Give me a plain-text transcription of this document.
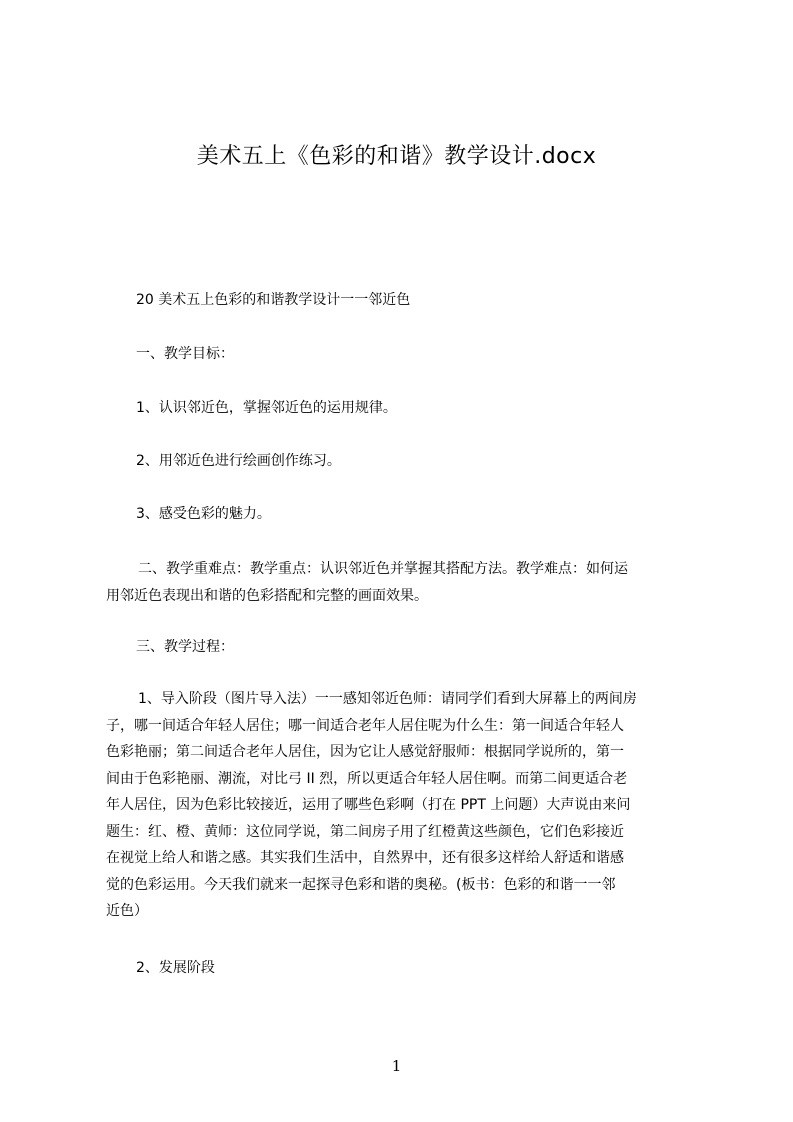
美术五上《色彩的和谐》教学设计.docx

20 美术五上色彩的和谐教学设计一一邻近色

一、教学目标：

1、认识邻近色，掌握邻近色的运用规律。

2、用邻近色进行绘画创作练习。

3、感受色彩的魅力。

二、教学重难点：教学重点：认识邻近色并掌握其搭配方法。教学难点：如何运
用邻近色表现出和谐的色彩搭配和完整的画面效果。

三、教学过程：

1、导入阶段（图片导入法）一一感知邻近色师：请同学们看到大屏幕上的两间房
子，哪一间适合年轻人居住；哪一间适合老年人居住呢为什么生：第一间适合年轻人
色彩艳丽；第二间适合老年人居住，因为它让人感觉舒服师：根据同学说所的，第一
间由于色彩艳丽、潮流，对比弓 II 烈，所以更适合年轻人居住啊。而第二间更适合老
年人居住，因为色彩比较接近，运用了哪些色彩啊（打在 PPT 上问题）大声说由来问
题生：红、橙、黄师：这位同学说，第二间房子用了红橙黄这些颜色，它们色彩接近
在视觉上给人和谐之感。其实我们生活中，自然界中，还有很多这样给人舒适和谐感
觉的色彩运用。今天我们就来一起探寻色彩和谐的奥秘。(板书：色彩的和谐一一邻
近色）

2、发展阶段

1
